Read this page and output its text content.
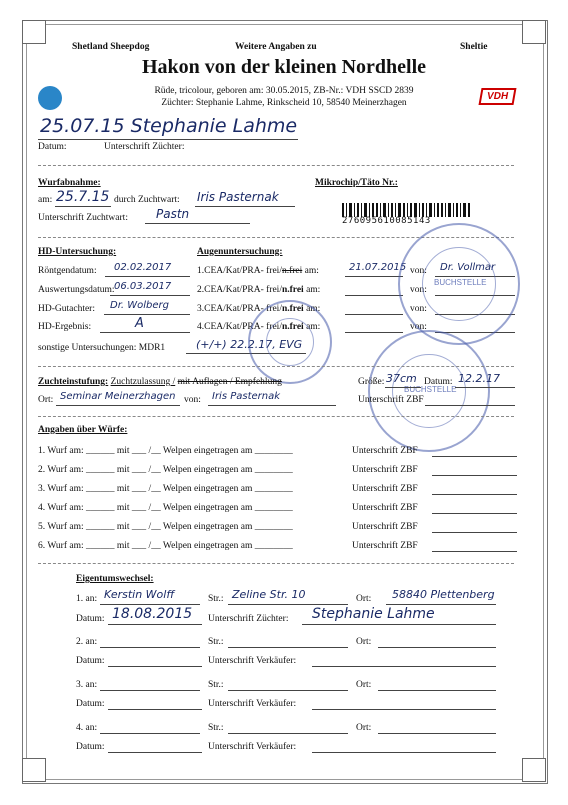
Shetland Sheepdog	Weitere Angaben zu	Sheltie
Hakon von der kleinen Nordhelle
Rüde, tricolour, geboren am: 30.05.2015, ZB-Nr.: VDH SSCD 2839
Züchter: Stephanie Lahme, Rinkscheid 10, 58540 Meinerzhagen
VDH
25.07.15 Stephanie Lahme
Datum:	Unterschrift Züchter:
Wurfabnahme:
am: 25.7.15 durch Zuchtwart: Iris Pasternak
Unterschrift Zuchtwart: Pastn
Mikrochip/Täto Nr.:
276095610085143
HD-Untersuchung:
Röntgendatum: 02.02.2017
Auswertungsdatum: 06.03.2017
HD-Gutachter: Dr. Wolberg
HD-Ergebnis:	A
sonstige Untersuchungen: MDR1	(+/+) 22.2.17, EVG
Augenuntersuchung:
1.CEA/Kat/PRA- frei/n.frei am:	21.07.2015 von: Dr. Vollmar
2.CEA/Kat/PRA- frei/n.frei am:	von:
3.CEA/Kat/PRA- frei/n.frei am:	von:
4.CEA/Kat/PRA- frei/n.frei am:	von:
BUCHSTELLE
BUCHSTELLE
Zuchteinstufung: Zuchtzulassung / mit Auflagen / Empfehlung	Größe: 37cm Datum: 12.2.17
Ort: Seminar Meinerzhagen von: Iris Pasternak	Unterschrift ZBF
Angaben über Würfe:
1. Wurf am: ______ mit ___ /__ Welpen eingetragen am ________	Unterschrift ZBF
2. Wurf am: ______ mit ___ /__ Welpen eingetragen am ________	Unterschrift ZBF
3. Wurf am: ______ mit ___ /__ Welpen eingetragen am ________	Unterschrift ZBF
4. Wurf am: ______ mit ___ /__ Welpen eingetragen am ________	Unterschrift ZBF
5. Wurf am: ______ mit ___ /__ Welpen eingetragen am ________	Unterschrift ZBF
6. Wurf am: ______ mit ___ /__ Welpen eingetragen am ________	Unterschrift ZBF
Eigentumswechsel:
1. an: Kerstin Wolff	Str.: Zeline Str. 10	Ort: 58840 Plettenberg
Datum: 18.08.2015 Unterschrift Züchter: Stephanie Lahme
2. an:	Str.:	Ort:
Datum:	Unterschrift Verkäufer:
3. an:	Str.:	Ort:
Datum:	Unterschrift Verkäufer:
4. an:	Str.:	Ort:
Datum:	Unterschrift Verkäufer:
